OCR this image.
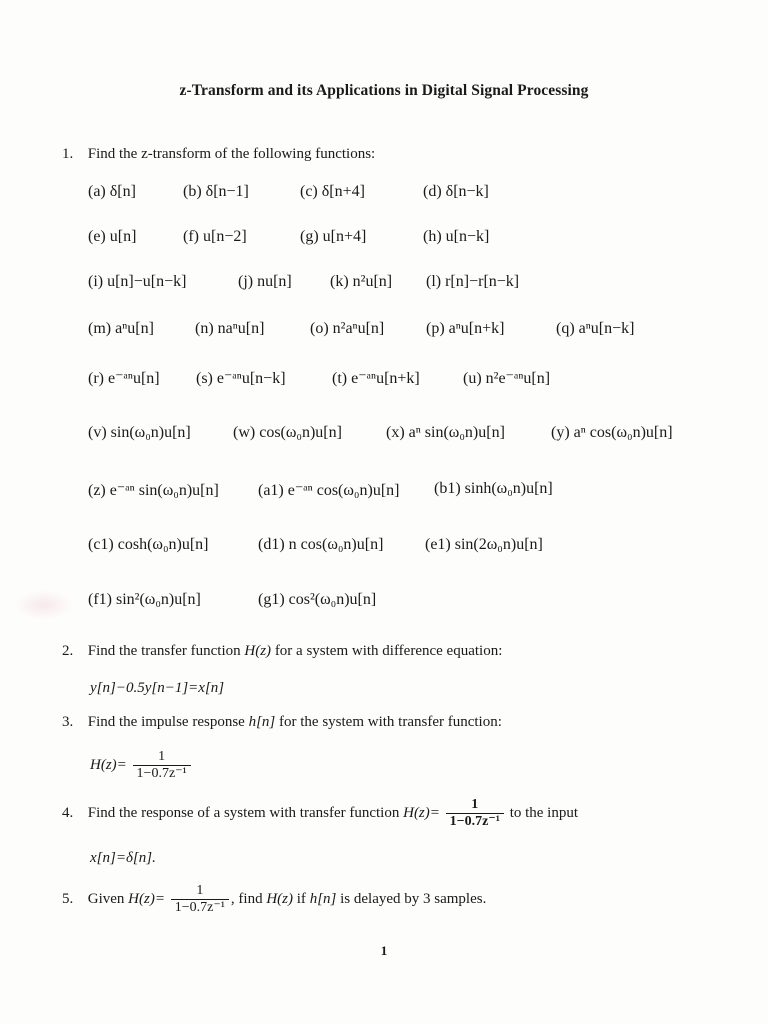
z-Transform and its Applications in Digital Signal Processing
1. Find the z-transform of the following functions:
(a) δ[n]	(b) δ[n−1]	(c) δ[n+4]	(d) δ[n−k]
(e) u[n]	(f) u[n−2]	(g) u[n+4]	(h) u[n−k]
(i) u[n]−u[n−k]	(j) nu[n] (k) n²u[n] (l) r[n]−r[n−k]
(m) aⁿu[n]	(n) naⁿu[n]	(o) n²aⁿu[n]	(p) aⁿu[n+k]	(q) aⁿu[n−k]
(r) e⁻ᵃⁿu[n] (s) e⁻ᵃⁿu[n−k]	(t) e⁻ᵃⁿu[n+k]	(u) n²e⁻ᵃⁿu[n]
(v) sin(ω₀n)u[n]	(w) cos(ω₀n)u[n]	(x) aⁿ sin(ω₀n)u[n]	(y) aⁿ cos(ω₀n)u[n]
(z) e⁻ᵃⁿ sin(ω₀n)u[n] (a1) e⁻ᵃⁿ cos(ω₀n)u[n] (b1) sinh(ω₀n)u[n]
(c1) cosh(ω₀n)u[n]	(d1) n cos(ω₀n)u[n]	(e1) sin(2ω₀n)u[n]
(f1) sin²(ω₀n)u[n]	(g1) cos²(ω₀n)u[n]
2. Find the transfer function H(z) for a system with difference equation:
y[n]−0.5y[n−1]=x[n]
3. Find the impulse response h[n] for the system with transfer function:
$H(z)= \frac{1}{\text{1−0.7z⁻¹}}$
4. Find the response of a system with transfer function $H(z)= \frac{1}{\text{1−0.7z⁻¹}}$ to the input
x[n]=δ[n].
5. Given $H(z)= \frac{1}{\text{1−0.7z⁻¹}}$ , find H(z) if h[n] is delayed by 3 samples.
1
